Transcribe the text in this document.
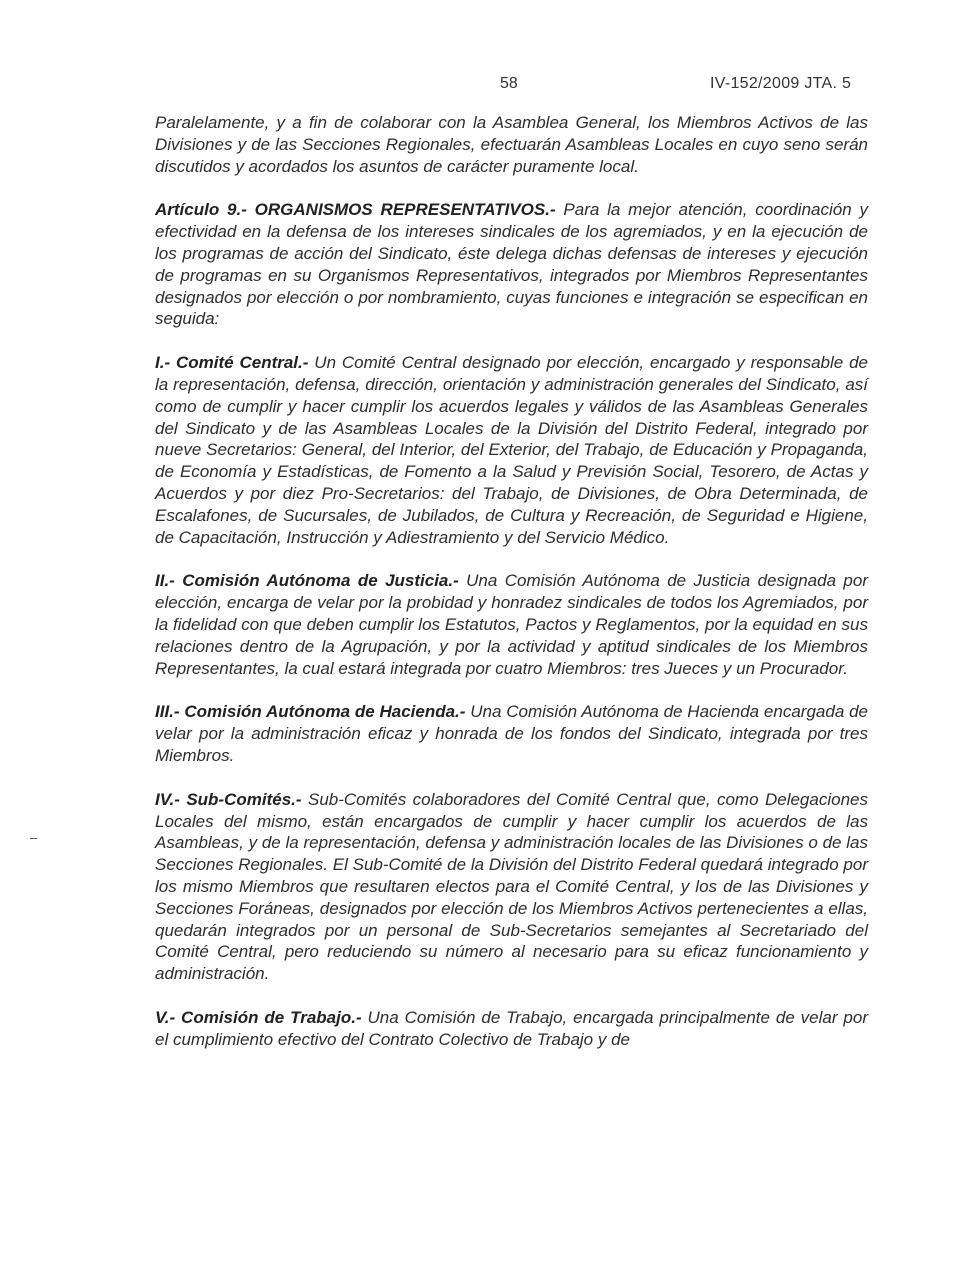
58	IV-152/2009 JTA. 5

Paralelamente, y a fin de colaborar con la Asamblea General, los Miembros Activos de las Divisiones y de las Secciones Regionales, efectuarán Asambleas Locales en cuyo seno serán discutidos y acordados los asuntos de carácter puramente local.

Artículo 9.- ORGANISMOS REPRESENTATIVOS.- Para la mejor atención, coordinación y efectividad en la defensa de los intereses sindicales de los agremiados, y en la ejecución de los programas de acción del Sindicato, éste delega dichas defensas de intereses y ejecución de programas en su Organismos Representativos, integrados por Miembros Representantes designados por elección o por nombramiento, cuyas funciones e integración se especifican en seguida:

I.- Comité Central.- Un Comité Central designado por elección, encargado y responsable de la representación, defensa, dirección, orientación y administración generales del Sindicato, así como de cumplir y hacer cumplir los acuerdos legales y válidos de las Asambleas Generales del Sindicato y de las Asambleas Locales de la División del Distrito Federal, integrado por nueve Secretarios: General, del Interior, del Exterior, del Trabajo, de Educación y Propaganda, de Economía y Estadísticas, de Fomento a la Salud y Previsión Social, Tesorero, de Actas y Acuerdos y por diez Pro-Secretarios: del Trabajo, de Divisiones, de Obra Determinada, de Escalafones, de Sucursales, de Jubilados, de Cultura y Recreación, de Seguridad e Higiene, de Capacitación, Instrucción y Adiestramiento y del Servicio Médico.

II.- Comisión Autónoma de Justicia.- Una Comisión Autónoma de Justicia designada por elección, encarga de velar por la probidad y honradez sindicales de todos los Agremiados, por la fidelidad con que deben cumplir los Estatutos, Pactos y Reglamentos, por la equidad en sus relaciones dentro de la Agrupación, y por la actividad y aptitud sindicales de los Miembros Representantes, la cual estará integrada por cuatro Miembros: tres Jueces y un Procurador.

III.- Comisión Autónoma de Hacienda.- Una Comisión Autónoma de Hacienda encargada de velar por la administración eficaz y honrada de los fondos del Sindicato, integrada por tres Miembros.

IV.- Sub-Comités.- Sub-Comités colaboradores del Comité Central que, como Delegaciones Locales del mismo, están encargados de cumplir y hacer cumplir los acuerdos de las Asambleas, y de la representación, defensa y administración locales de las Divisiones o de las Secciones Regionales. El Sub-Comité de la División del Distrito Federal quedará integrado por los mismo Miembros que resultaren electos para el Comité Central, y los de las Divisiones y Secciones Foráneas, designados por elección de los Miembros Activos pertenecientes a ellas, quedarán integrados por un personal de Sub-Secretarios semejantes al Secretariado del Comité Central, pero reduciendo su número al necesario para su eficaz funcionamiento y administración.

V.- Comisión de Trabajo.- Una Comisión de Trabajo, encargada principalmente de velar por el cumplimiento efectivo del Contrato Colectivo de Trabajo y de
